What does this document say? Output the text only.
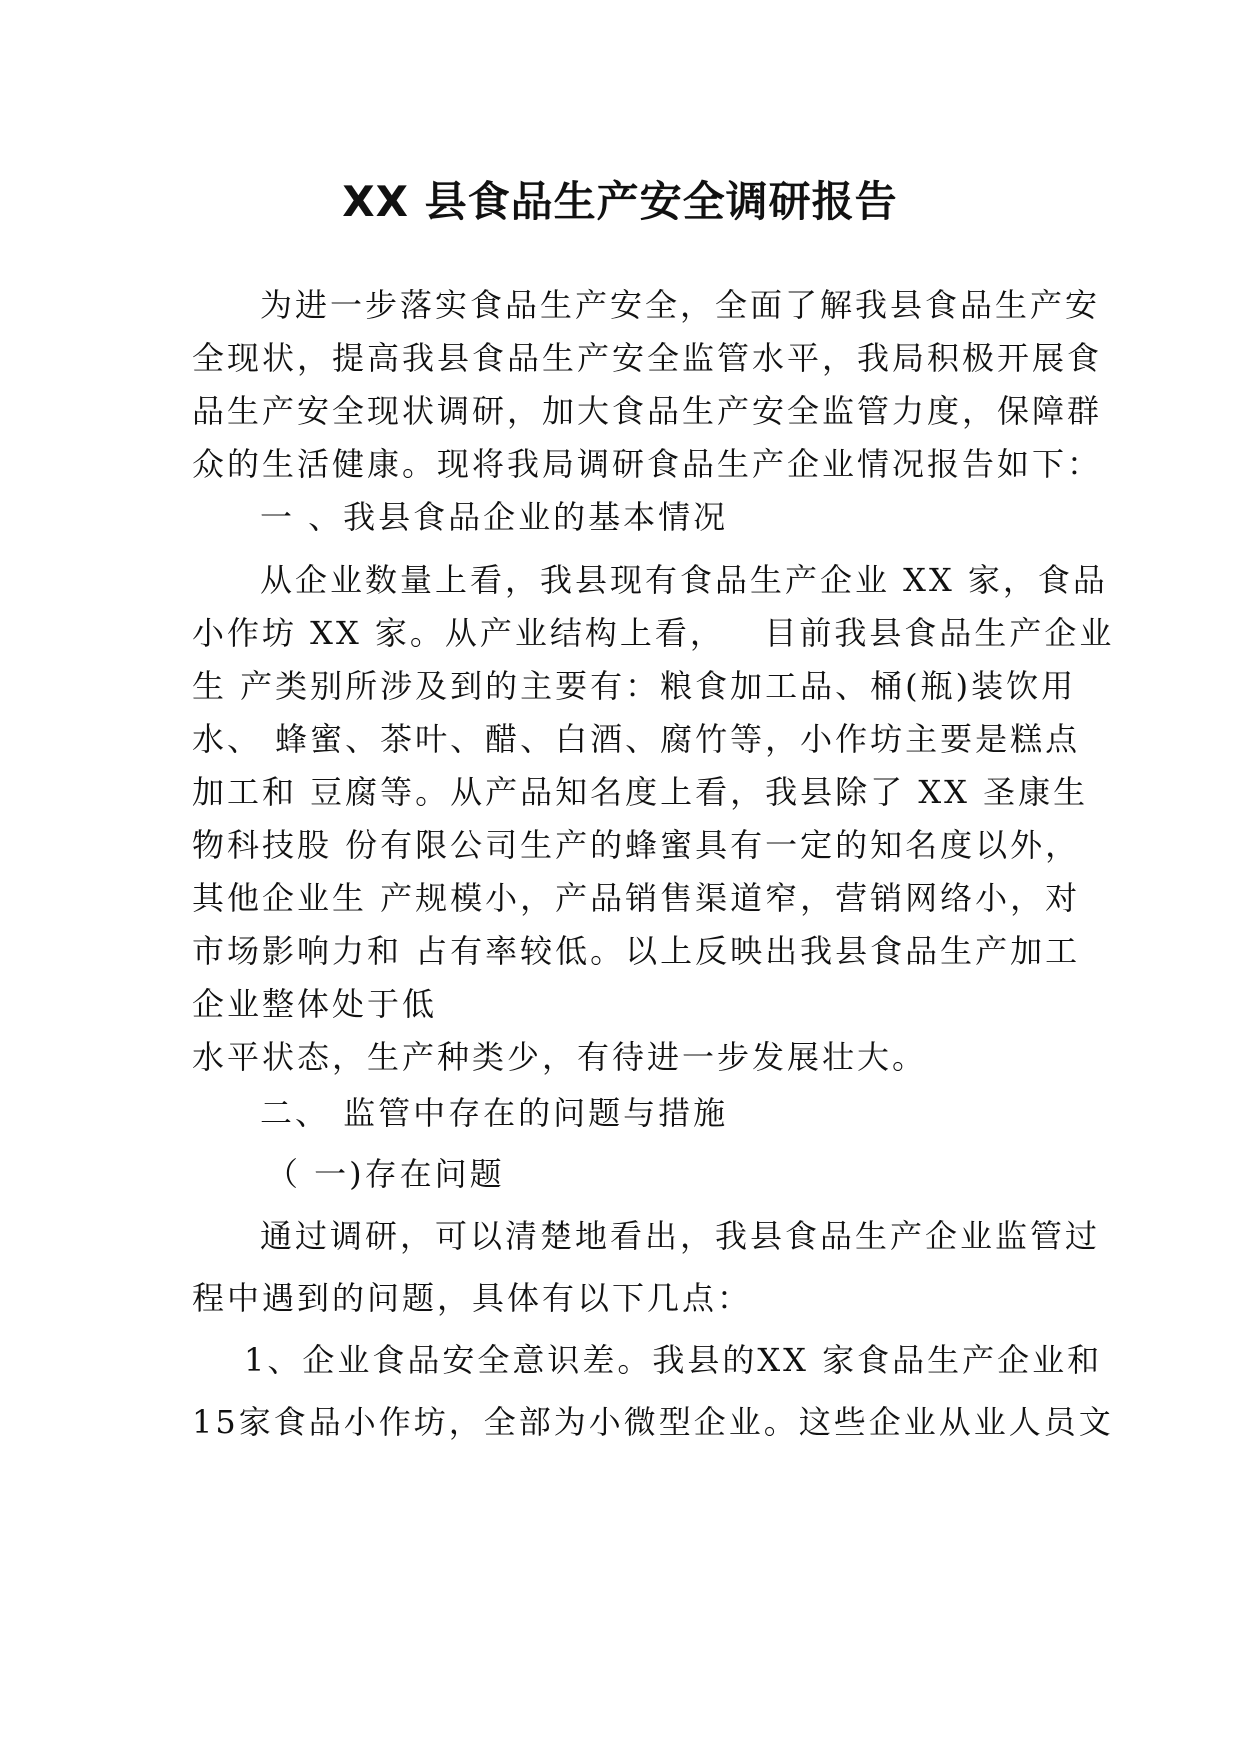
XX 县食品生产安全调研报告
为进一步落实食品生产安全，全面了解我县食品生产安
全现状，提高我县食品生产安全监管水平，我局积极开展食
品生产安全现状调研，加大食品生产安全监管力度，保障群
众的生活健康。现将我局调研食品生产企业情况报告如下：
一 、我县食品企业的基本情况
从企业数量上看，我县现有食品生产企业 XX 家，食品
小作坊 XX 家。从产业结构上看，   目前我县食品生产企业
生 产类别所涉及到的主要有：粮食加工品、桶(瓶)装饮用
水、 蜂蜜、茶叶、醋、白酒、腐竹等，小作坊主要是糕点
加工和 豆腐等。从产品知名度上看，我县除了 XX 圣康生
物科技股 份有限公司生产的蜂蜜具有一定的知名度以外，
其他企业生 产规模小，产品销售渠道窄，营销网络小，对
市场影响力和 占有率较低。以上反映出我县食品生产加工
企业整体处于低
水平状态，生产种类少，有待进一步发展壮大。
二、 监管中存在的问题与措施
（ 一)存在问题
通过调研，可以清楚地看出，我县食品生产企业监管过
程中遇到的问题，具体有以下几点：
1、企业食品安全意识差。我县的XX 家食品生产企业和
15家食品小作坊，全部为小微型企业。这些企业从业人员文
